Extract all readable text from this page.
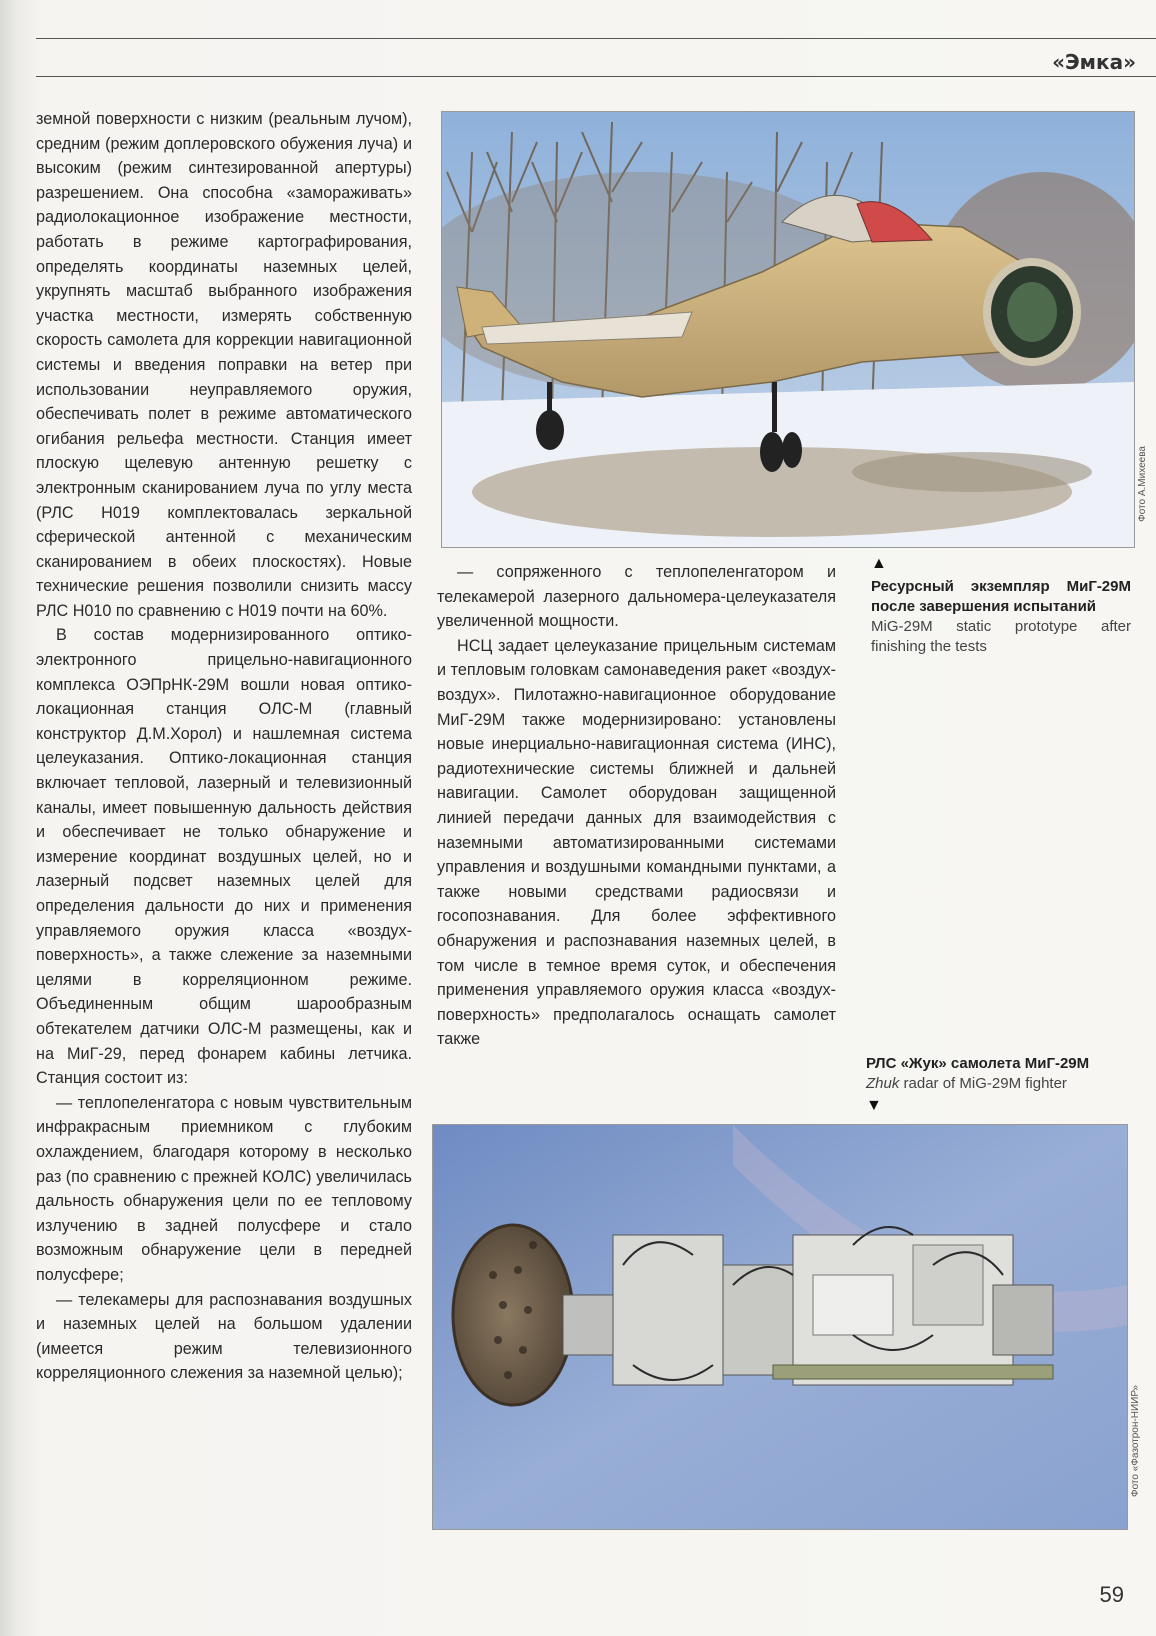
«Эмка»

земной поверхности с низким (реальным лучом), средним (режим доплеровского обужения луча) и высоким (режим синтезированной апертуры) разрешением. Она способна «замораживать» радиолокационное изображение местности, работать в режиме картографирования, определять координаты наземных целей, укрупнять масштаб выбранного изображения участка местности, измерять собственную скорость самолета для коррекции навигационной системы и введения поправки на ветер при использовании неуправляемого оружия, обеспечивать полет в режиме автоматического огибания рельефа местности. Станция имеет плоскую щелевую антенную решетку с электронным сканированием луча по углу места (РЛС Н019 комплектовалась зеркальной сферической антенной с механическим сканированием в обеих плоскостях). Новые технические решения позволили снизить массу РЛС Н010 по сравнению с Н019 почти на 60%.

В состав модернизированного оптико-электронного прицельно-навигационного комплекса ОЭПрНК-29М вошли новая оптико-локационная станция ОЛС-М (главный конструктор Д.М.Хорол) и нашлемная система целеуказания. Оптико-локационная станция включает тепловой, лазерный и телевизионный каналы, имеет повышенную дальность действия и обеспечивает не только обнаружение и измерение координат воздушных целей, но и лазерный подсвет наземных целей для определения дальности до них и применения управляемого оружия класса «воздух-поверхность», а также слежение за наземными целями в корреляционном режиме. Объединенным общим шарообразным обтекателем датчики ОЛС-М размещены, как и на МиГ-29, перед фонарем кабины летчика. Станция состоит из:

— теплопеленгатора с новым чувствительным инфракрасным приемником с глубоким охлаждением, благодаря которому в несколько раз (по сравнению с прежней КОЛС) увеличилась дальность обнаружения цели по ее тепловому излучению в задней полусфере и стало возможным обнаружение цели в передней полусфере;

— телекамеры для распознавания воздушных и наземных целей на большом удалении (имеется режим телевизионного корреляционного слежения за наземной целью);

— сопряженного с теплопеленгатором и телекамерой лазерного дальномера-целеуказателя увеличенной мощности.

НСЦ задает целеуказание прицельным системам и тепловым головкам самонаведения ракет «воздух-воздух». Пилотажно-навигационное оборудование МиГ-29М также модернизировано: установлены новые инерциально-навигационная система (ИНС), радиотехнические системы ближней и дальней навигации. Самолет оборудован защищенной линией передачи данных для взаимодействия с наземными автоматизированными системами управления и воздушными командными пунктами, а также новыми средствами радиосвязи и госопознавания. Для более эффективного обнаружения и распознавания наземных целей, в том числе в темное время суток, и обеспечения применения управляемого оружия класса «воздух-поверхность» предполагалось оснащать самолет также

Фото А.Михеева
▲
Ресурсный экземпляр МиГ-29М после завершения испытаний
MiG-29M static prototype after finishing the tests
РЛС «Жук» самолета МиГ-29М
Zhuk radar of MiG-29M fighter
▼
Фото «Фазотрон-НИИР»
59
